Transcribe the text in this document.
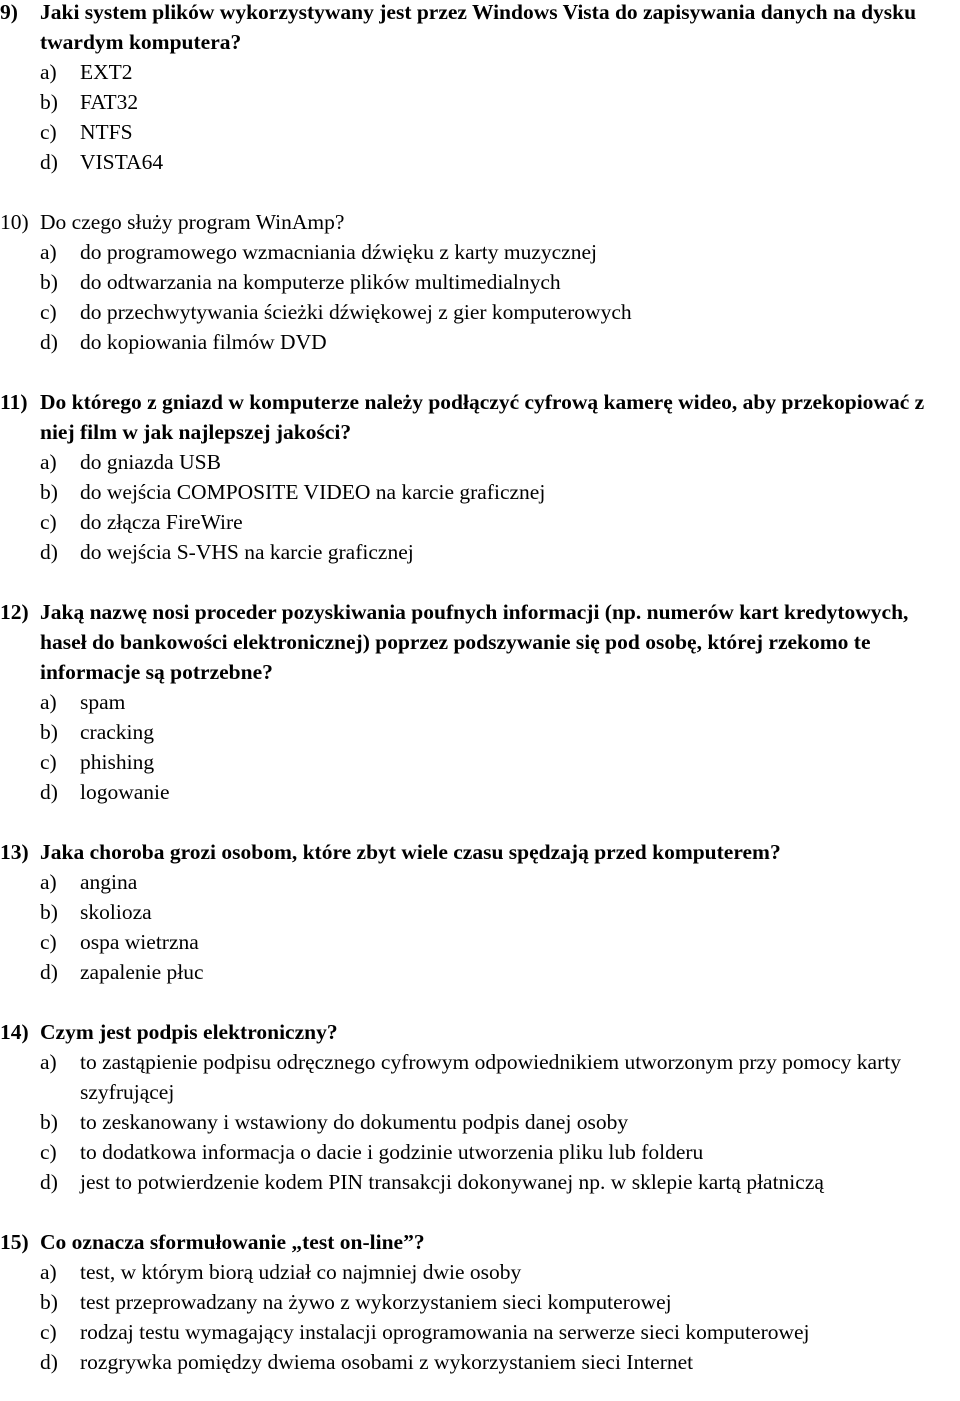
9)	Jaki system plików wykorzystywany jest przez Windows Vista do zapisywania danych na dysku twardym komputera?
a)	EXT2
b)	FAT32
c)	NTFS
d)	VISTA64
10) Do czego służy program WinAmp?
a)	do programowego wzmacniania dźwięku z karty muzycznej
b)	do odtwarzania na komputerze plików multimedialnych
c)	do przechwytywania ścieżki dźwiękowej z gier komputerowych
d)	do kopiowania filmów DVD
11) Do którego z gniazd w komputerze należy podłączyć cyfrową kamerę wideo, aby przekopiować z niej film w jak najlepszej jakości?
a)	do gniazda USB
b)	do wejścia COMPOSITE VIDEO na karcie graficznej
c)	do złącza FireWire
d)	do wejścia S-VHS na karcie graficznej
12) Jaką nazwę nosi proceder pozyskiwania poufnych informacji (np. numerów kart kredytowych, haseł do bankowości elektronicznej) poprzez podszywanie się pod osobę, której rzekomo te informacje są potrzebne?
a)	spam
b)	cracking
c)	phishing
d)	logowanie
13) Jaka choroba grozi osobom, które zbyt wiele czasu spędzają przed komputerem?
a)	angina
b)	skolioza
c)	ospa wietrzna
d)	zapalenie płuc
14) Czym jest podpis elektroniczny?
a)	to zastąpienie podpisu odręcznego cyfrowym odpowiednikiem utworzonym przy pomocy karty szyfrującej
b)	to zeskanowany i wstawiony do dokumentu podpis danej osoby
c)	to dodatkowa informacja o dacie i godzinie utworzenia pliku lub folderu
d)	jest to potwierdzenie kodem PIN transakcji dokonywanej np. w sklepie kartą płatniczą
15) Co oznacza sformułowanie „test on-line”?
a)	test, w którym biorą udział co najmniej dwie osoby
b)	test przeprowadzany na żywo z wykorzystaniem sieci komputerowej
c)	rodzaj testu wymagający instalacji oprogramowania na serwerze sieci komputerowej
d)	rozgrywka pomiędzy dwiema osobami z wykorzystaniem sieci Internet
